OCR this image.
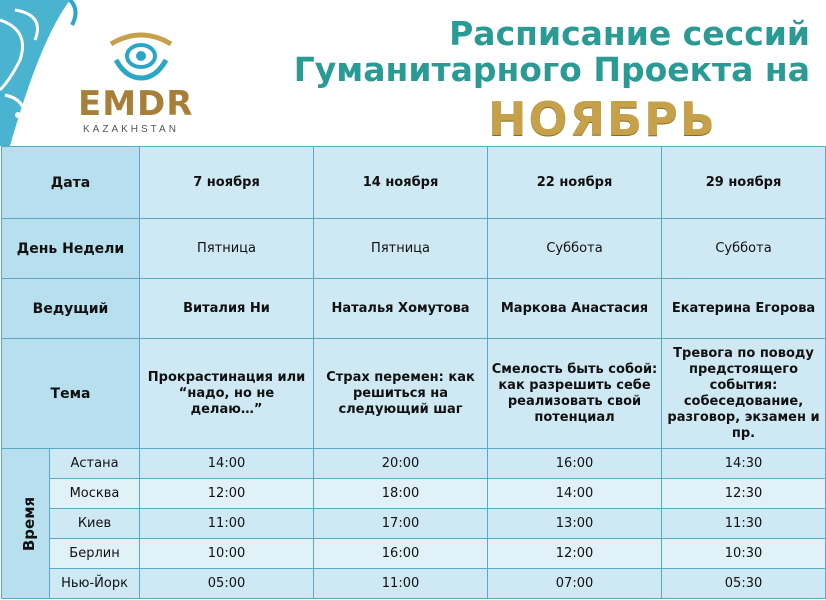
EMDR
KAZAKHSTAN
Расписание сессий
Гуманитарного Проекта на
НОЯБРЬ
Дата		7 ноября	14 ноября	22 ноября	29 ноября
День Недели		Пятница	Пятница	Суббота	Суббота
Ведущий		Виталия Ни	Наталья Хомутова	Маркова Анастасия	Екатерина Егорова
Тема		Прокрастинация или “надо, но не делаю…”	Страх перемен: как решиться на следующий шаг	Смелость быть собой: как разрешить себе реализовать свой потенциал	Тревога по поводу предстоящего события: собеседование, разговор, экзамен и пр.
Время	Астана	14:00	20:00	16:00	14:30
	Москва	12:00	18:00	14:00	12:30
	Киев	11:00	17:00	13:00	11:30
	Берлин	10:00	16:00	12:00	10:30
	Нью-Йорк	05:00	11:00	07:00	05:30
